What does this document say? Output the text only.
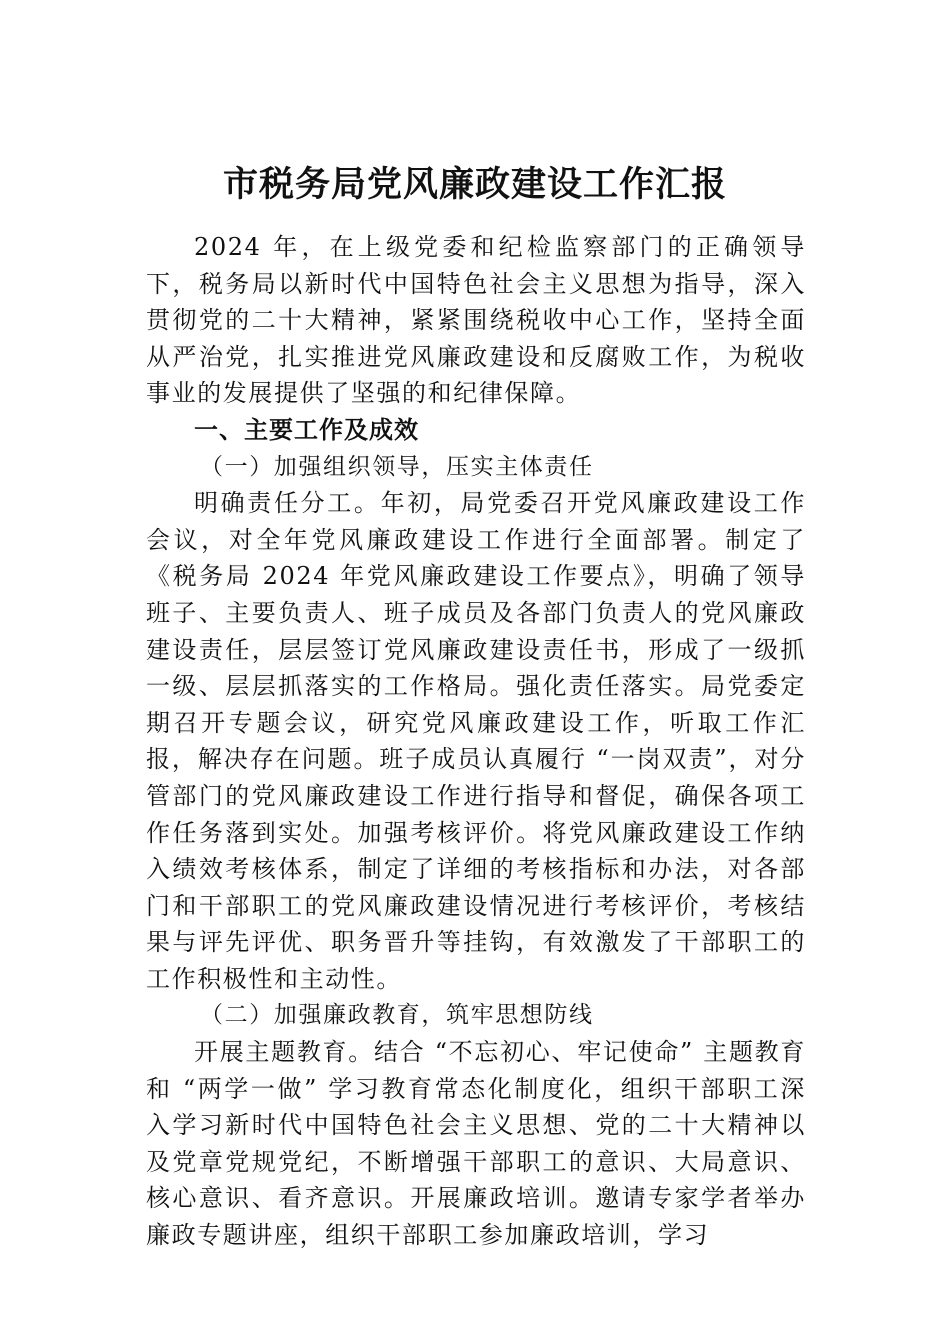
市税务局党风廉政建设工作汇报

2024 年，在上级党委和纪检监察部门的正确领导下，税务局以新时代中国特色社会主义思想为指导，深入贯彻党的二十大精神，紧紧围绕税收中心工作，坚持全面从严治党，扎实推进党风廉政建设和反腐败工作，为税收事业的发展提供了坚强的和纪律保障。

一、主要工作及成效

（一）加强组织领导，压实主体责任

明确责任分工。年初，局党委召开党风廉政建设工作会议，对全年党风廉政建设工作进行全面部署。制定了《税务局 2024 年党风廉政建设工作要点》，明确了领导班子、主要负责人、班子成员及各部门负责人的党风廉政建设责任，层层签订党风廉政建设责任书，形成了一级抓一级、层层抓落实的工作格局。强化责任落实。局党委定期召开专题会议，研究党风廉政建设工作，听取工作汇报，解决存在问题。班子成员认真履行 “一岗双责”，对分管部门的党风廉政建设工作进行指导和督促，确保各项工作任务落到实处。加强考核评价。将党风廉政建设工作纳入绩效考核体系，制定了详细的考核指标和办法，对各部门和干部职工的党风廉政建设情况进行考核评价，考核结果与评先评优、职务晋升等挂钩，有效激发了干部职工的工作积极性和主动性。

（二）加强廉政教育，筑牢思想防线

开展主题教育。结合 “不忘初心、牢记使命” 主题教育和 “两学一做” 学习教育常态化制度化，组织干部职工深入学习新时代中国特色社会主义思想、党的二十大精神以及党章党规党纪，不断增强干部职工的意识、大局意识、核心意识、看齐意识。开展廉政培训。邀请专家学者举办廉政专题讲座，组织干部职工参加廉政培训，学习
